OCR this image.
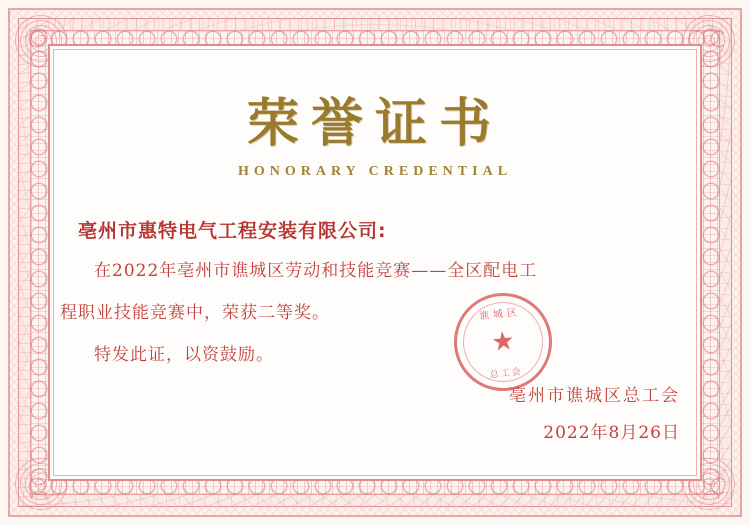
荣誉证书
HONORARY CREDENTIAL
亳州市惠特电气工程安装有限公司:
在2022年亳州市谯城区劳动和技能竞赛——全区配电工
程职业技能竞赛中，荣获二等奖。
特发此证，以资鼓励。
谯城区
★
总工会
亳州市谯城区总工会
2022年8月26日
